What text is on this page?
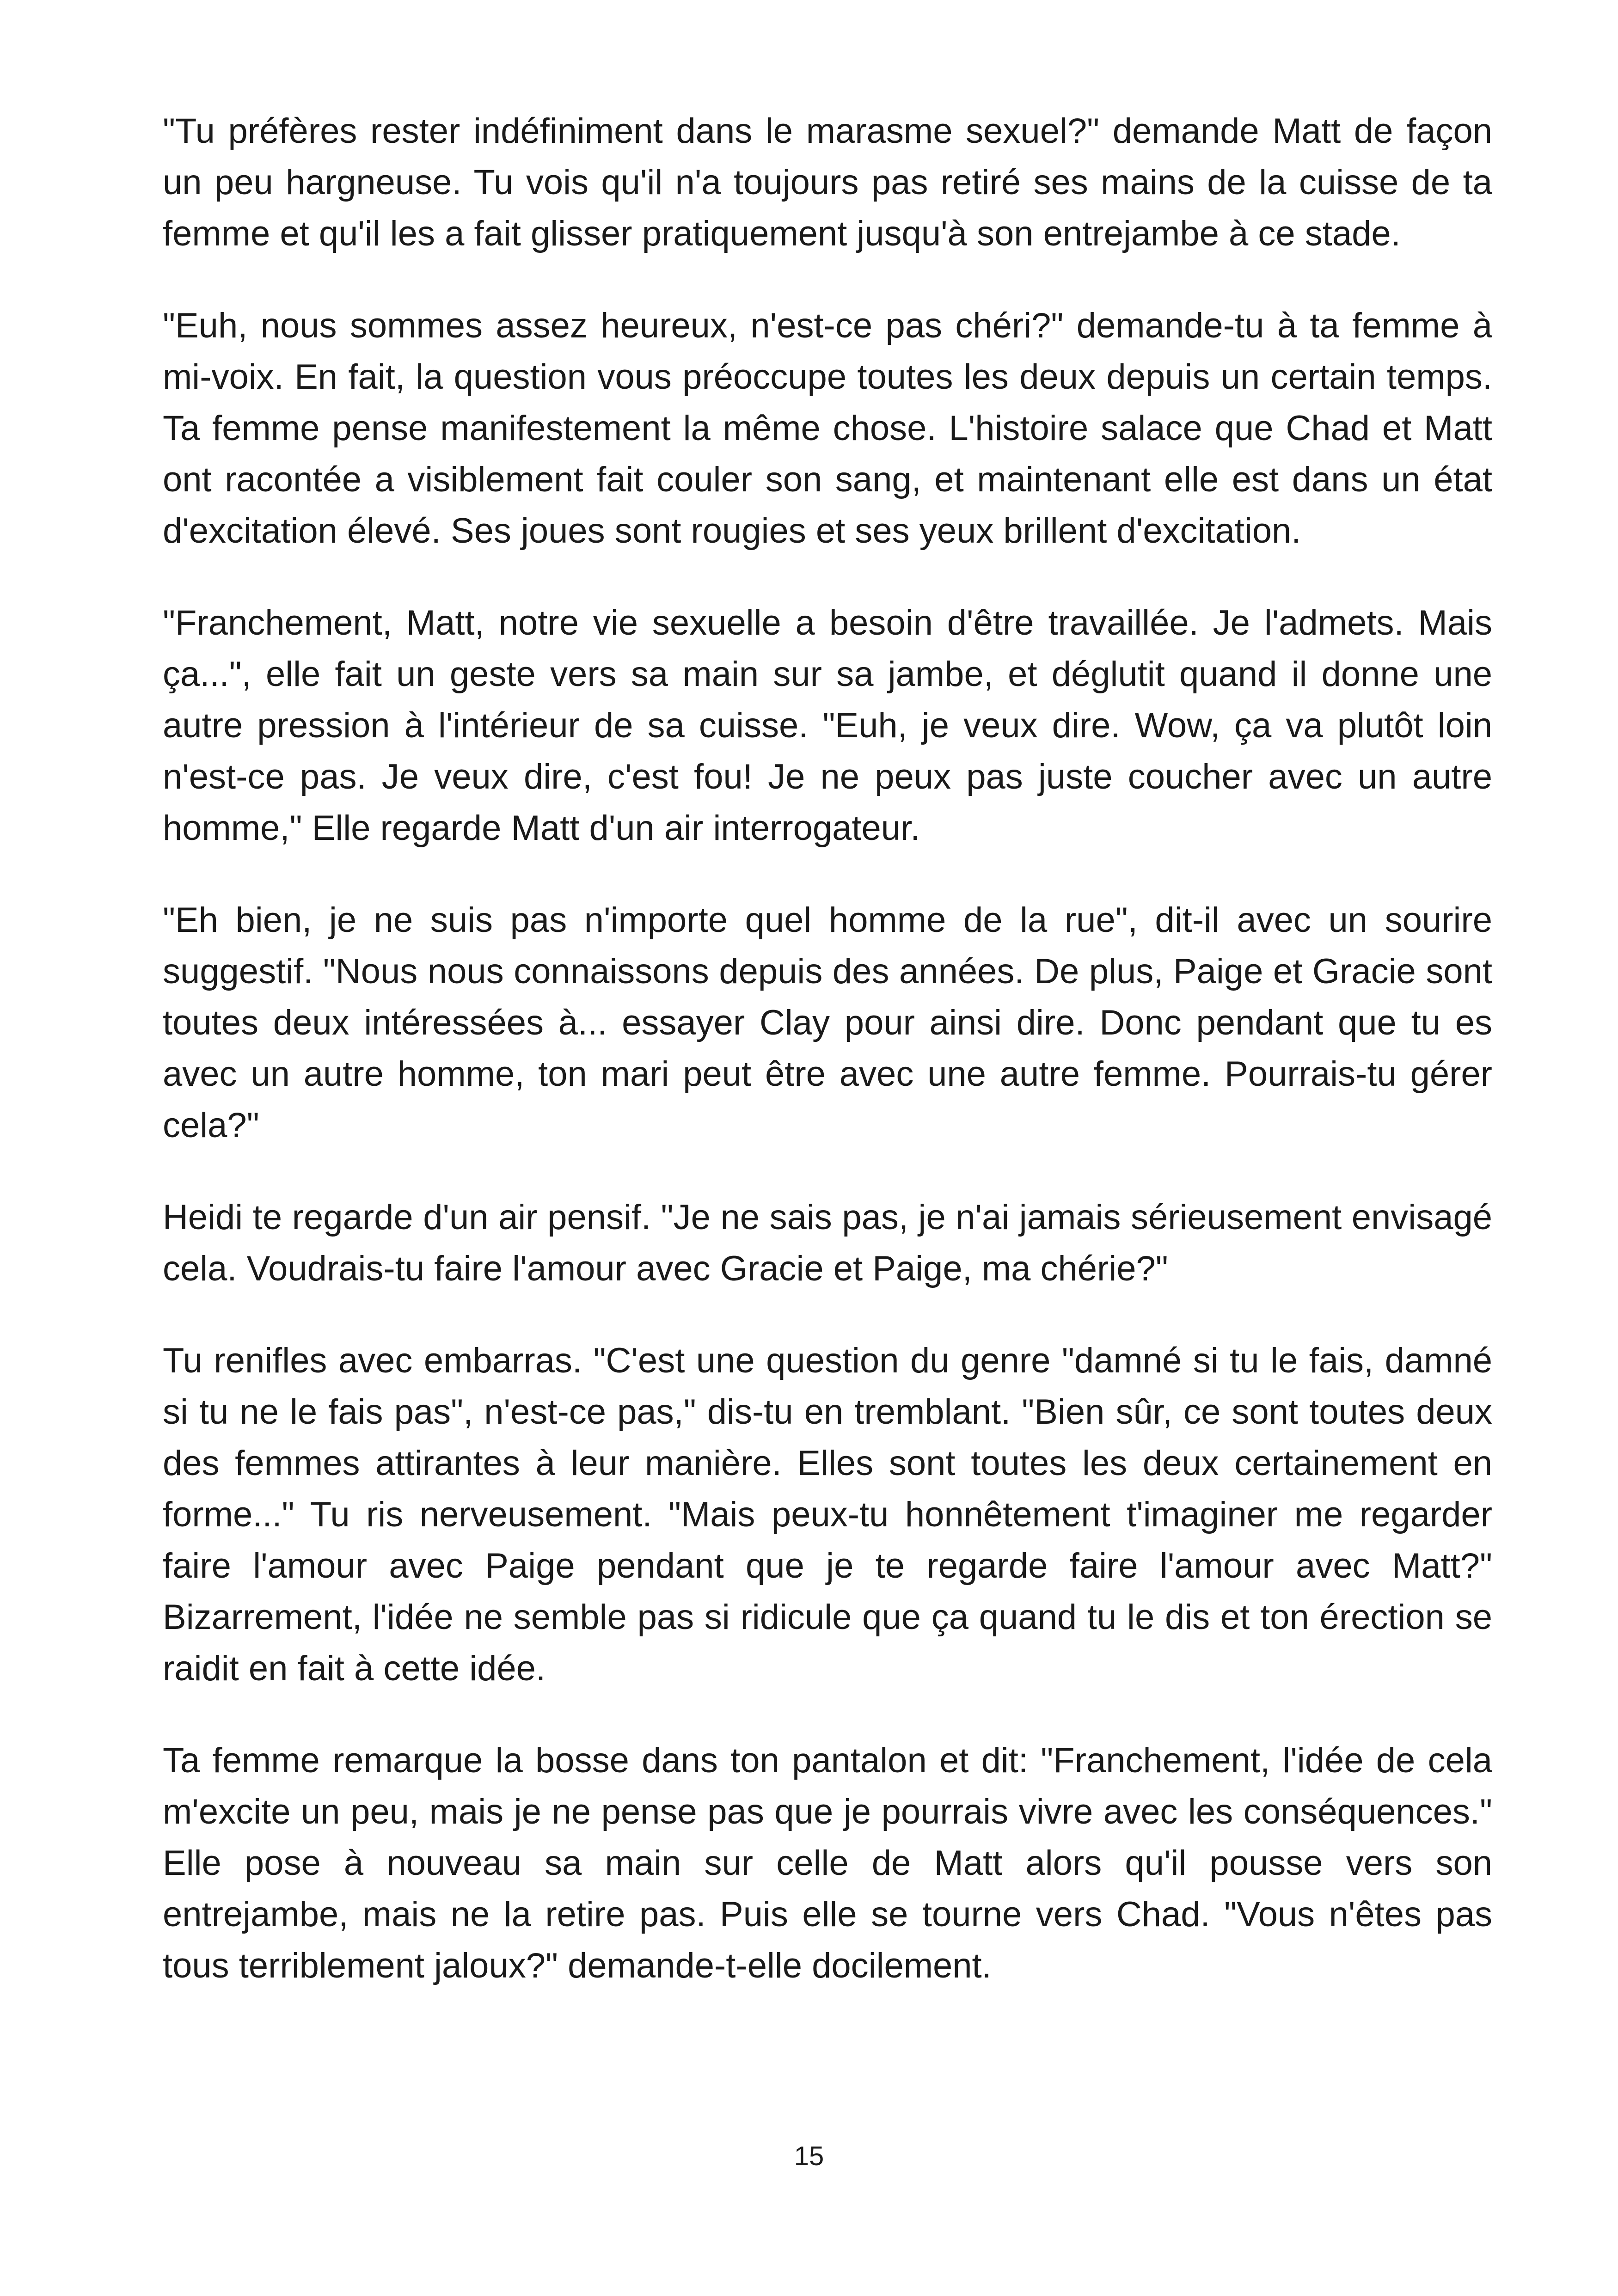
"Tu préfères rester indéfiniment dans le marasme sexuel?" demande Matt de façon un peu hargneuse. Tu vois qu'il n'a toujours pas retiré ses mains de la cuisse de ta femme et qu'il les a fait glisser pratiquement jusqu'à son entrejambe à ce stade.

"Euh, nous sommes assez heureux, n'est-ce pas chéri?" demande-tu à ta femme à mi-voix. En fait, la question vous préoccupe toutes les deux depuis un certain temps. Ta femme pense manifestement la même chose. L'histoire salace que Chad et Matt ont racontée a visiblement fait couler son sang, et maintenant elle est dans un état d'excitation élevé. Ses joues sont rougies et ses yeux brillent d'excitation.

"Franchement, Matt, notre vie sexuelle a besoin d'être travaillée. Je l'admets. Mais ça...", elle fait un geste vers sa main sur sa jambe, et déglutit quand il donne une autre pression à l'intérieur de sa cuisse. "Euh, je veux dire. Wow, ça va plutôt loin n'est-ce pas. Je veux dire, c'est fou! Je ne peux pas juste coucher avec un autre homme," Elle regarde Matt d'un air interrogateur.

"Eh bien, je ne suis pas n'importe quel homme de la rue", dit-il avec un sourire suggestif. "Nous nous connaissons depuis des années. De plus, Paige et Gracie sont toutes deux intéressées à... essayer Clay pour ainsi dire. Donc pendant que tu es avec un autre homme, ton mari peut être avec une autre femme. Pourrais-tu gérer cela?"

Heidi te regarde d'un air pensif. "Je ne sais pas, je n'ai jamais sérieusement envisagé cela. Voudrais-tu faire l'amour avec Gracie et Paige, ma chérie?"

Tu renifles avec embarras. "C'est une question du genre "damné si tu le fais, damné si tu ne le fais pas", n'est-ce pas," dis-tu en tremblant. "Bien sûr, ce sont toutes deux des femmes attirantes à leur manière. Elles sont toutes les deux certainement en forme..." Tu ris nerveusement. "Mais peux-tu honnêtement t'imaginer me regarder faire l'amour avec Paige pendant que je te regarde faire l'amour avec Matt?" Bizarrement, l'idée ne semble pas si ridicule que ça quand tu le dis et ton érection se raidit en fait à cette idée.

Ta femme remarque la bosse dans ton pantalon et dit: "Franchement, l'idée de cela m'excite un peu, mais je ne pense pas que je pourrais vivre avec les conséquences." Elle pose à nouveau sa main sur celle de Matt alors qu'il pousse vers son entrejambe, mais ne la retire pas. Puis elle se tourne vers Chad. "Vous n'êtes pas tous terriblement jaloux?" demande-t-elle docilement.

15
